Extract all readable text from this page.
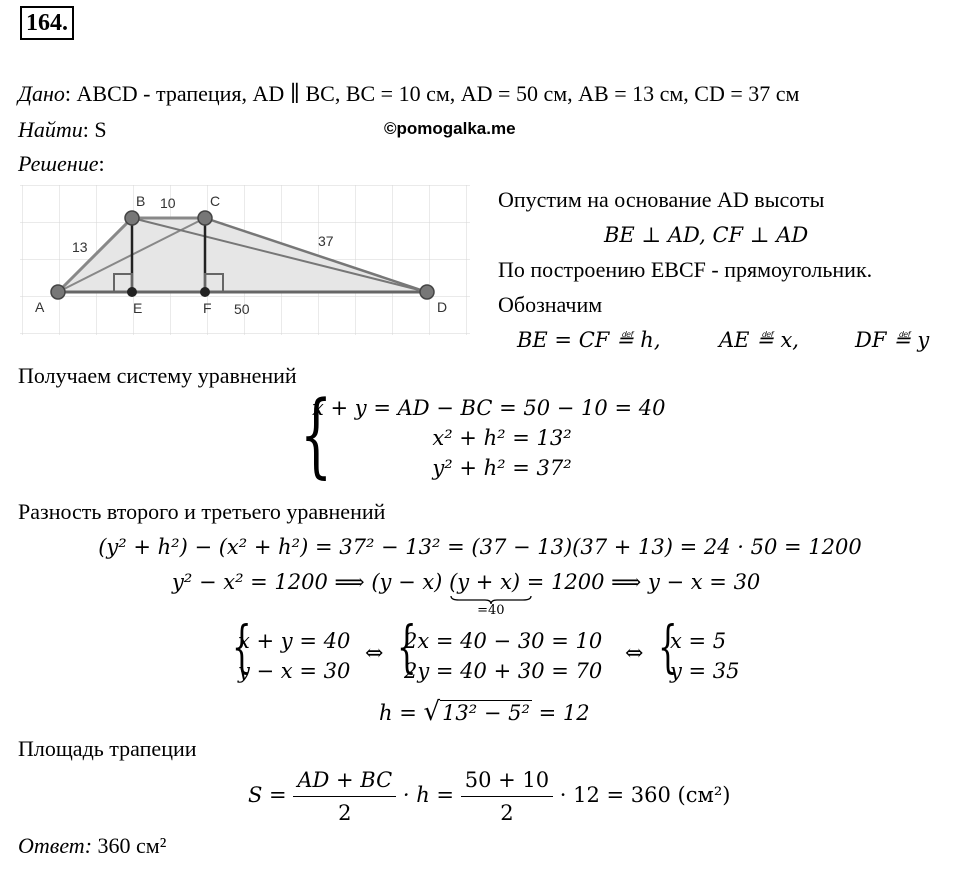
164.
Дано: ABCD - трапеция, AD ∥ BC, BC = 10 см, AD = 50 см, AB = 13 см, CD = 37 см
Найти: S	©pomogalka.me
Решение:
A
B	C
D
E	F
13
10
37
50
Опустим на основание AD высоты
BE ⊥ AD, CF ⊥ AD
По построению EBCF - прямоугольник.
Обозначим
BE = CF ≝ h,	AE ≝ x,	DF ≝ y
Получаем систему уравнений
{
x + y = AD − BC = 50 − 10 = 40
x² + h² = 13²
y² + h² = 37²
Разность второго и третьего уравнений
(y² + h²) − (x² + h²) = 37² − 13² = (37 − 13)(37 + 13) = 24 · 50 = 1200
y² − x² = 1200 ⟹ (y − x) (y + x)
=40
= 1200 ⟹ y − x = 30
{
x + y = 40
y − x = 30
⇔ {
2x = 40 − 30 = 10
2y = 40 + 30 = 70
⇔ {
x = 5
y = 35
h = √13² − 5² = 12
Площадь трапеции
$S = \frac{AD + BC}{2} \cdot h = \frac{50 + 10}{2} \cdot 12 = 360$ (см²)
Ответ: 360 см²
